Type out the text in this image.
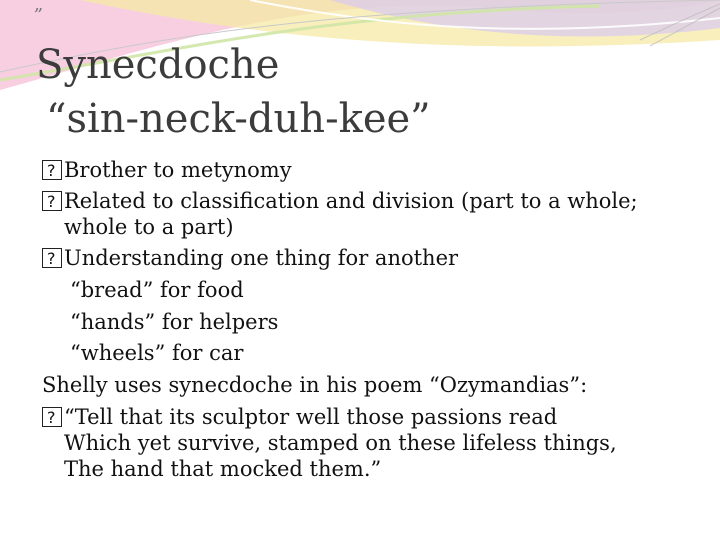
„
Synecdoche
“sin-neck-duh-kee”
?Brother to metynomy
?Related to classification and division (part to a whole;
whole to a part)
?Understanding one thing for another
“bread” for food
“hands” for helpers
“wheels” for car
Shelly uses synecdoche in his poem “Ozymandias”:
?“Tell that its sculptor well those passions read
Which yet survive, stamped on these lifeless things,
The hand that mocked them.”
